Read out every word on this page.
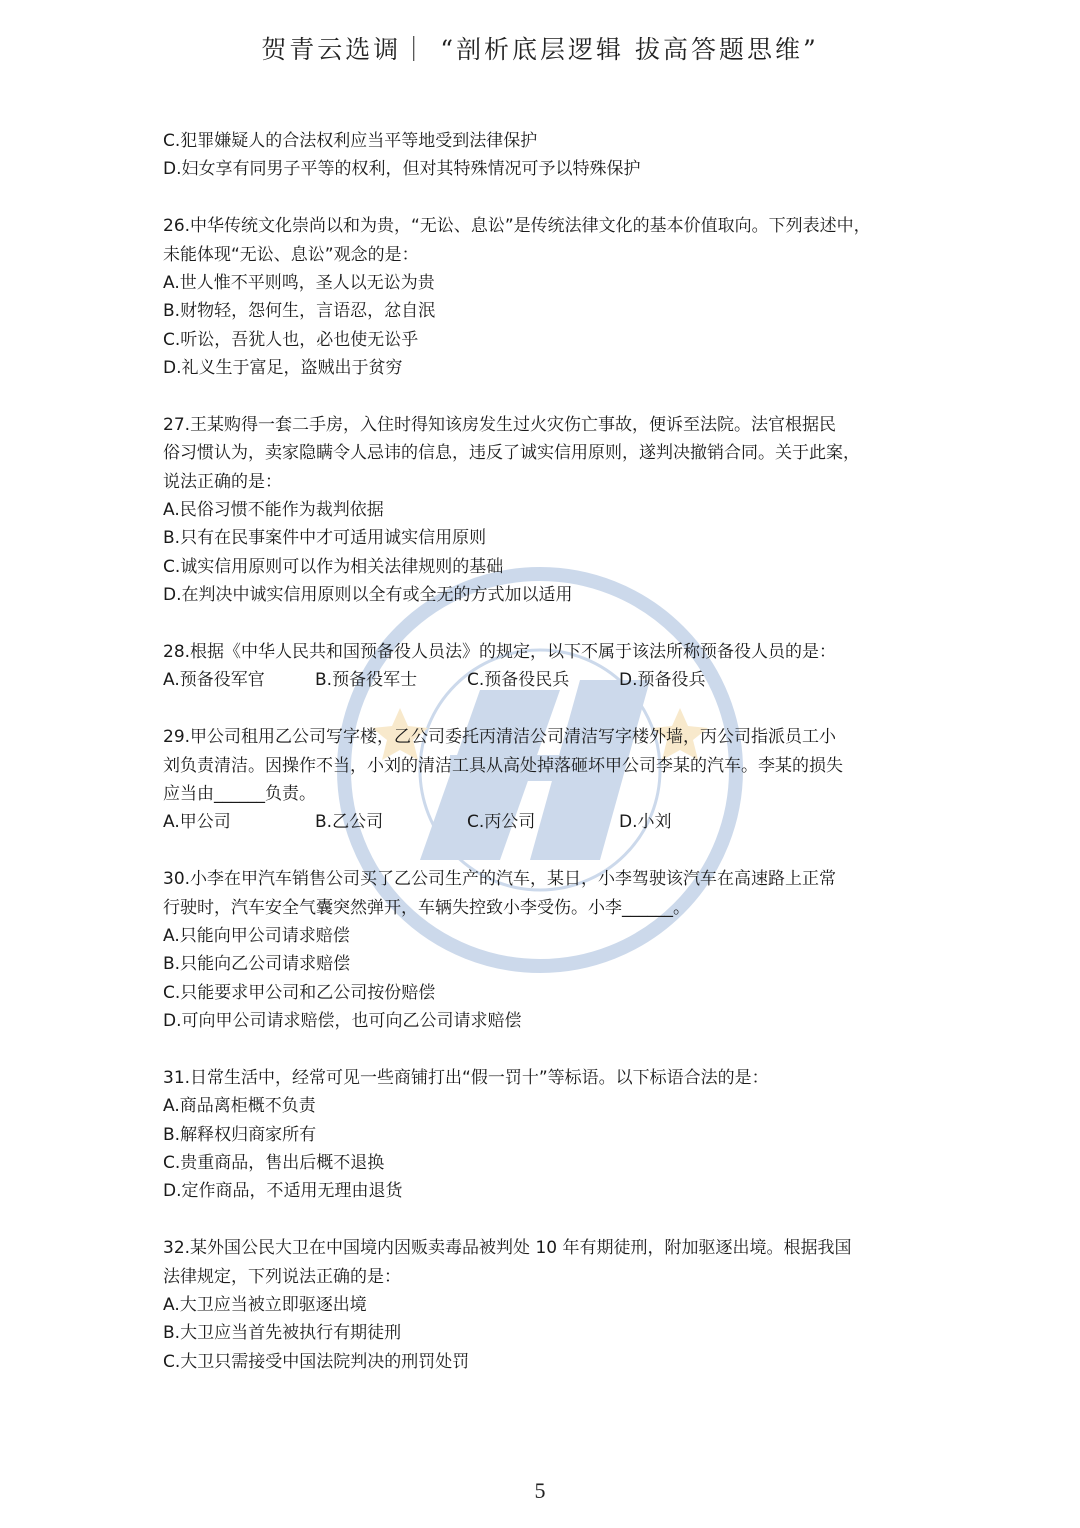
贺青云选调｜ “剖析底层逻辑 拔高答题思维”
C.犯罪嫌疑人的合法权利应当平等地受到法律保护
D.妇女享有同男子平等的权利，但对其特殊情况可予以特殊保护
26.中华传统文化崇尚以和为贵，“无讼、息讼”是传统法律文化的基本价值取向。下列表述中，
未能体现“无讼、息讼”观念的是：
A.世人惟不平则鸣，圣人以无讼为贵
B.财物轻，怨何生，言语忍，忿自泯
C.听讼，吾犹人也，必也使无讼乎
D.礼义生于富足，盗贼出于贫穷
27.王某购得一套二手房，入住时得知该房发生过火灾伤亡事故，便诉至法院。法官根据民
俗习惯认为，卖家隐瞒令人忌讳的信息，违反了诚实信用原则，遂判决撤销合同。关于此案，
说法正确的是：
A.民俗习惯不能作为裁判依据
B.只有在民事案件中才可适用诚实信用原则
C.诚实信用原则可以作为相关法律规则的基础
D.在判决中诚实信用原则以全有或全无的方式加以适用
28.根据《中华人民共和国预备役人员法》的规定，以下不属于该法所称预备役人员的是：
A.预备役军官	B.预备役军士	C.预备役民兵	D.预备役兵
29.甲公司租用乙公司写字楼，乙公司委托丙清洁公司清洁写字楼外墙，丙公司指派员工小
刘负责清洁。因操作不当，小刘的清洁工具从高处掉落砸坏甲公司李某的汽车。李某的损失
应当由______负责。
A.甲公司	B.乙公司	C.丙公司	D.小刘
30.小李在甲汽车销售公司买了乙公司生产的汽车，某日，小李驾驶该汽车在高速路上正常
行驶时，汽车安全气囊突然弹开，车辆失控致小李受伤。小李______。
A.只能向甲公司请求赔偿
B.只能向乙公司请求赔偿
C.只能要求甲公司和乙公司按份赔偿
D.可向甲公司请求赔偿，也可向乙公司请求赔偿
31.日常生活中，经常可见一些商铺打出“假一罚十”等标语。以下标语合法的是：
A.商品离柜概不负责
B.解释权归商家所有
C.贵重商品，售出后概不退换
D.定作商品，不适用无理由退货
32.某外国公民大卫在中国境内因贩卖毒品被判处 10 年有期徒刑，附加驱逐出境。根据我国
法律规定，下列说法正确的是：
A.大卫应当被立即驱逐出境
B.大卫应当首先被执行有期徒刑
C.大卫只需接受中国法院判决的刑罚处罚
5
